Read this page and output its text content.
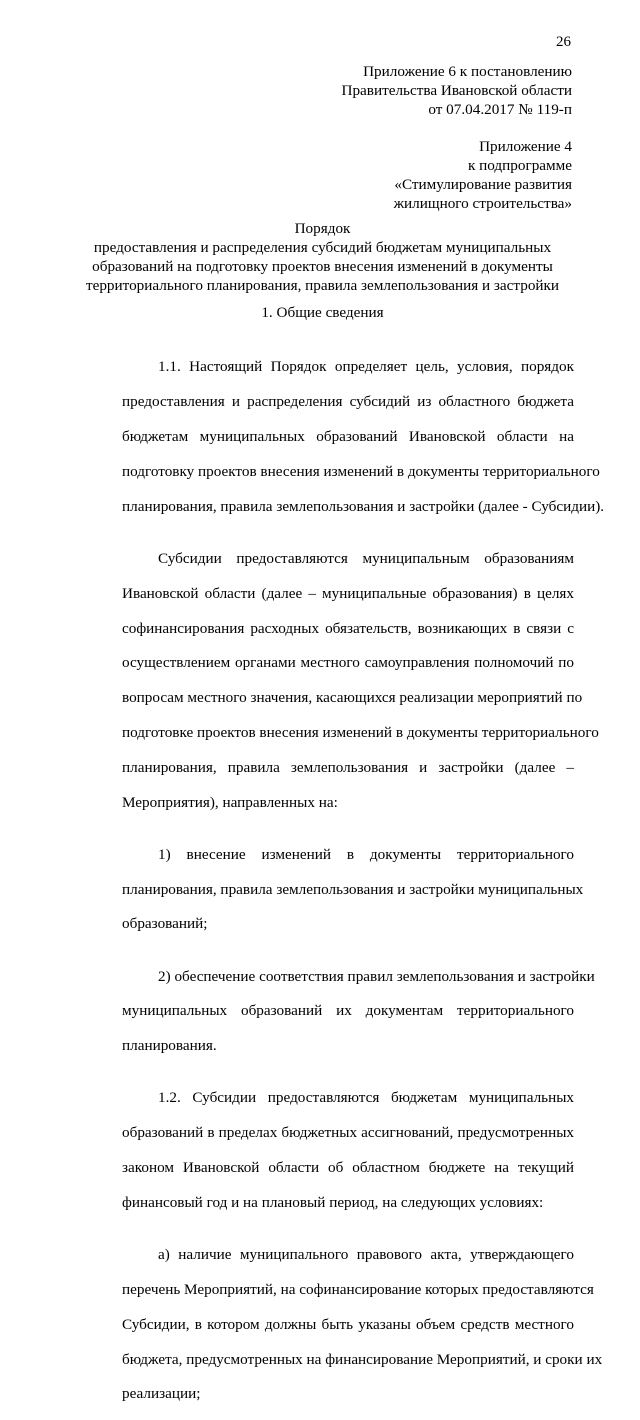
26
Приложение 6 к постановлению
Правительства Ивановской области
от 07.04.2017 № 119-п
Приложение 4
к подпрограмме
«Стимулирование развития
жилищного строительства»
Порядок
предоставления и распределения субсидий бюджетам муниципальных
образований на подготовку проектов внесения изменений в документы
территориального планирования, правила землепользования и застройки
1. Общие сведения

1.1. Настоящий Порядок определяет цель, условия, порядок

предоставления и распределения субсидий из областного бюджета

бюджетам муниципальных образований Ивановской области на

подготовку проектов внесения изменений в документы территориального

планирования, правила землепользования и застройки (далее - Субсидии).

Субсидии предоставляются муниципальным образованиям

Ивановской области (далее – муниципальные образования) в целях

софинансирования расходных обязательств, возникающих в связи с

осуществлением органами местного самоуправления полномочий по

вопросам местного значения, касающихся реализации мероприятий по

подготовке проектов внесения изменений в документы территориального

планирования, правила землепользования и застройки (далее –

Мероприятия), направленных на:

1) внесение изменений в документы территориального

планирования, правила землепользования и застройки муниципальных

образований;

2) обеспечение соответствия правил землепользования и застройки

муниципальных образований их документам территориального

планирования.

1.2. Субсидии предоставляются бюджетам муниципальных

образований в пределах бюджетных ассигнований, предусмотренных

законом Ивановской области об областном бюджете на текущий

финансовый год и на плановый период, на следующих условиях:

а) наличие муниципального правового акта, утверждающего

перечень Мероприятий, на софинансирование которых предоставляются

Субсидии, в котором должны быть указаны объем средств местного

бюджета, предусмотренных на финансирование Мероприятий, и сроки их

реализации;
